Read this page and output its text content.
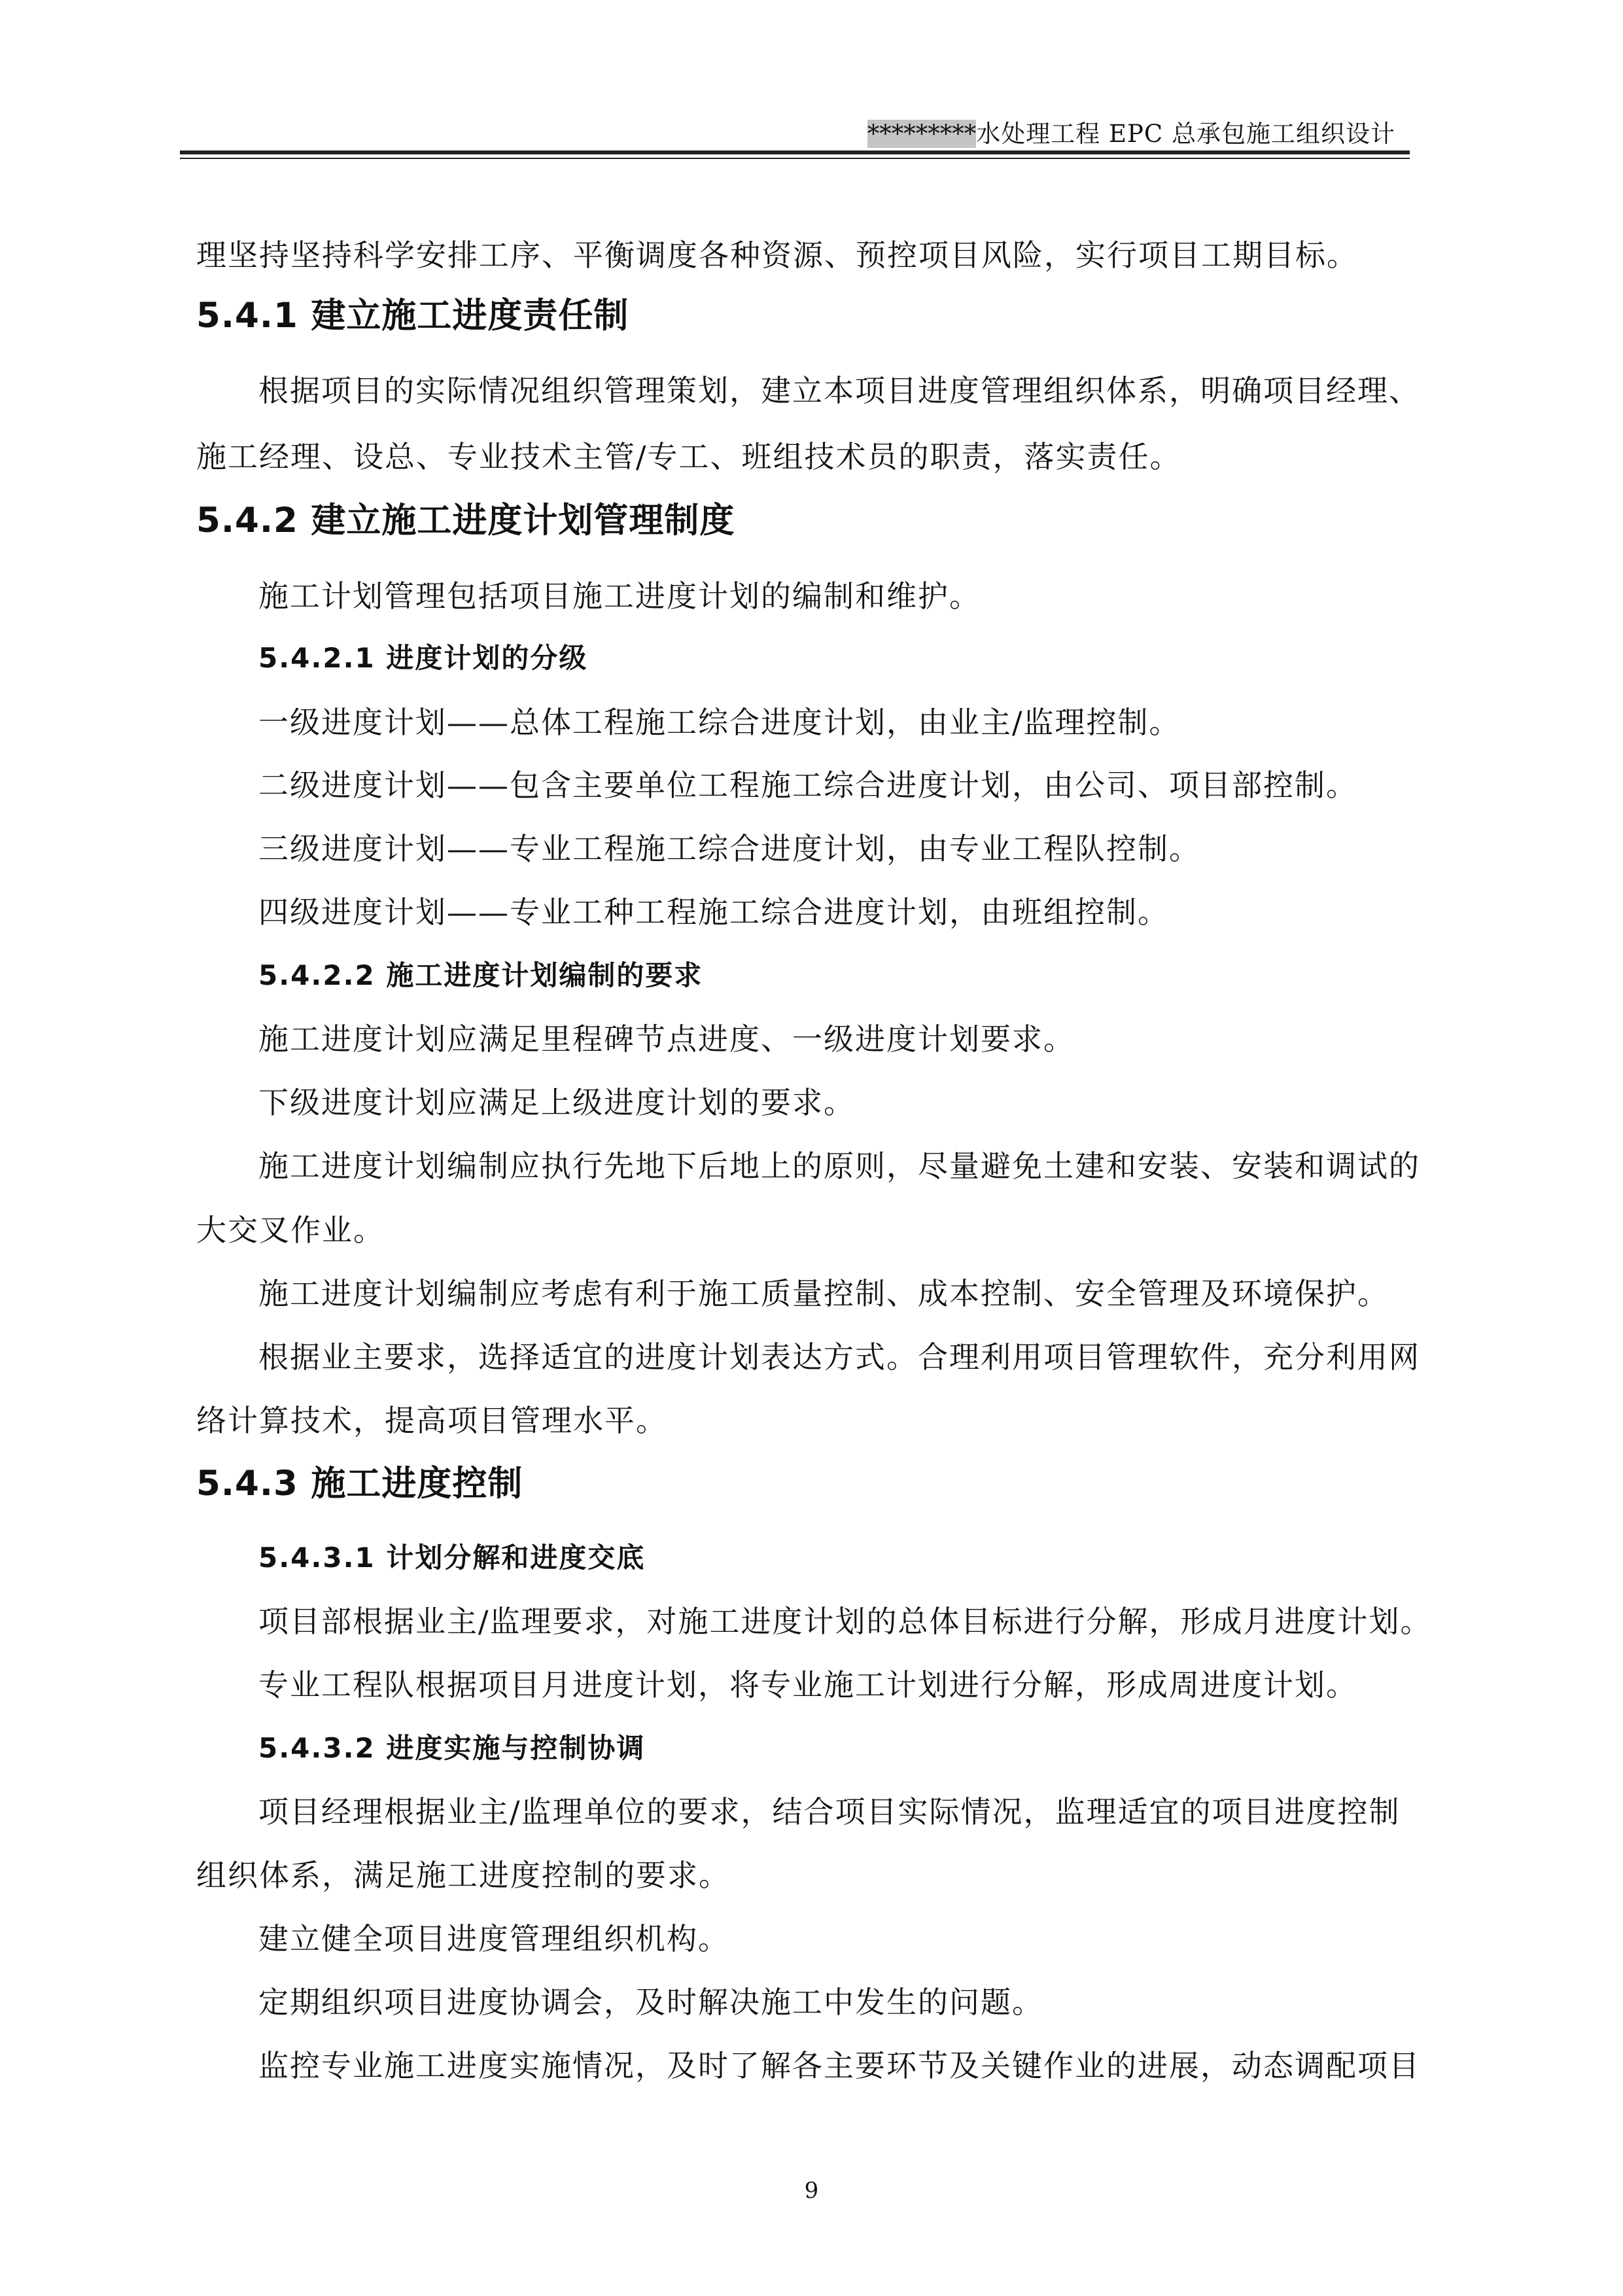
*********水处理工程 EPC 总承包施工组织设计
理坚持坚持科学安排工序、平衡调度各种资源、预控项目风险，实行项目工期目标。
5.4.1 建立施工进度责任制
根据项目的实际情况组织管理策划，建立本项目进度管理组织体系，明确项目经理、
施工经理、设总、专业技术主管/专工、班组技术员的职责，落实责任。
5.4.2 建立施工进度计划管理制度
施工计划管理包括项目施工进度计划的编制和维护。
5.4.2.1 进度计划的分级
一级进度计划——总体工程施工综合进度计划，由业主/监理控制。
二级进度计划——包含主要单位工程施工综合进度计划，由公司、项目部控制。
三级进度计划——专业工程施工综合进度计划，由专业工程队控制。
四级进度计划——专业工种工程施工综合进度计划，由班组控制。
5.4.2.2 施工进度计划编制的要求
施工进度计划应满足里程碑节点进度、一级进度计划要求。
下级进度计划应满足上级进度计划的要求。
施工进度计划编制应执行先地下后地上的原则，尽量避免土建和安装、安装和调试的
大交叉作业。
施工进度计划编制应考虑有利于施工质量控制、成本控制、安全管理及环境保护。
根据业主要求，选择适宜的进度计划表达方式。合理利用项目管理软件，充分利用网
络计算技术，提高项目管理水平。
5.4.3 施工进度控制
5.4.3.1 计划分解和进度交底
项目部根据业主/监理要求，对施工进度计划的总体目标进行分解，形成月进度计划。
专业工程队根据项目月进度计划，将专业施工计划进行分解，形成周进度计划。
5.4.3.2 进度实施与控制协调
项目经理根据业主/监理单位的要求，结合项目实际情况，监理适宜的项目进度控制
组织体系，满足施工进度控制的要求。
建立健全项目进度管理组织机构。
定期组织项目进度协调会，及时解决施工中发生的问题。
监控专业施工进度实施情况，及时了解各主要环节及关键作业的进展，动态调配项目
9
